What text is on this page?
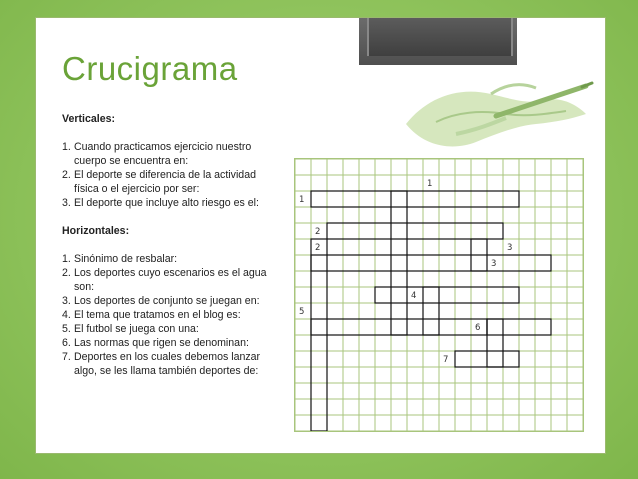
Crucigrama
Verticales:
1. Cuando practicamos ejercicio nuestro cuerpo se encuentra en:
2. El deporte se diferencia de la actividad física o el ejercicio por ser:
3. El deporte que incluye alto riesgo es el:
Horizontales:
1. Sinónimo de resbalar:
2. Los deportes cuyo escenarios es el agua son:
3. Los deportes de conjunto se juegan en:
4. El tema que tratamos en el blog es:
5. El futbol se juega con una:
6. Las normas que rigen se denominan:
7. Deportes en los cuales debemos lanzar algo, se les llama también deportes de:
1
1
2
2	3
3
4
5
6
7
